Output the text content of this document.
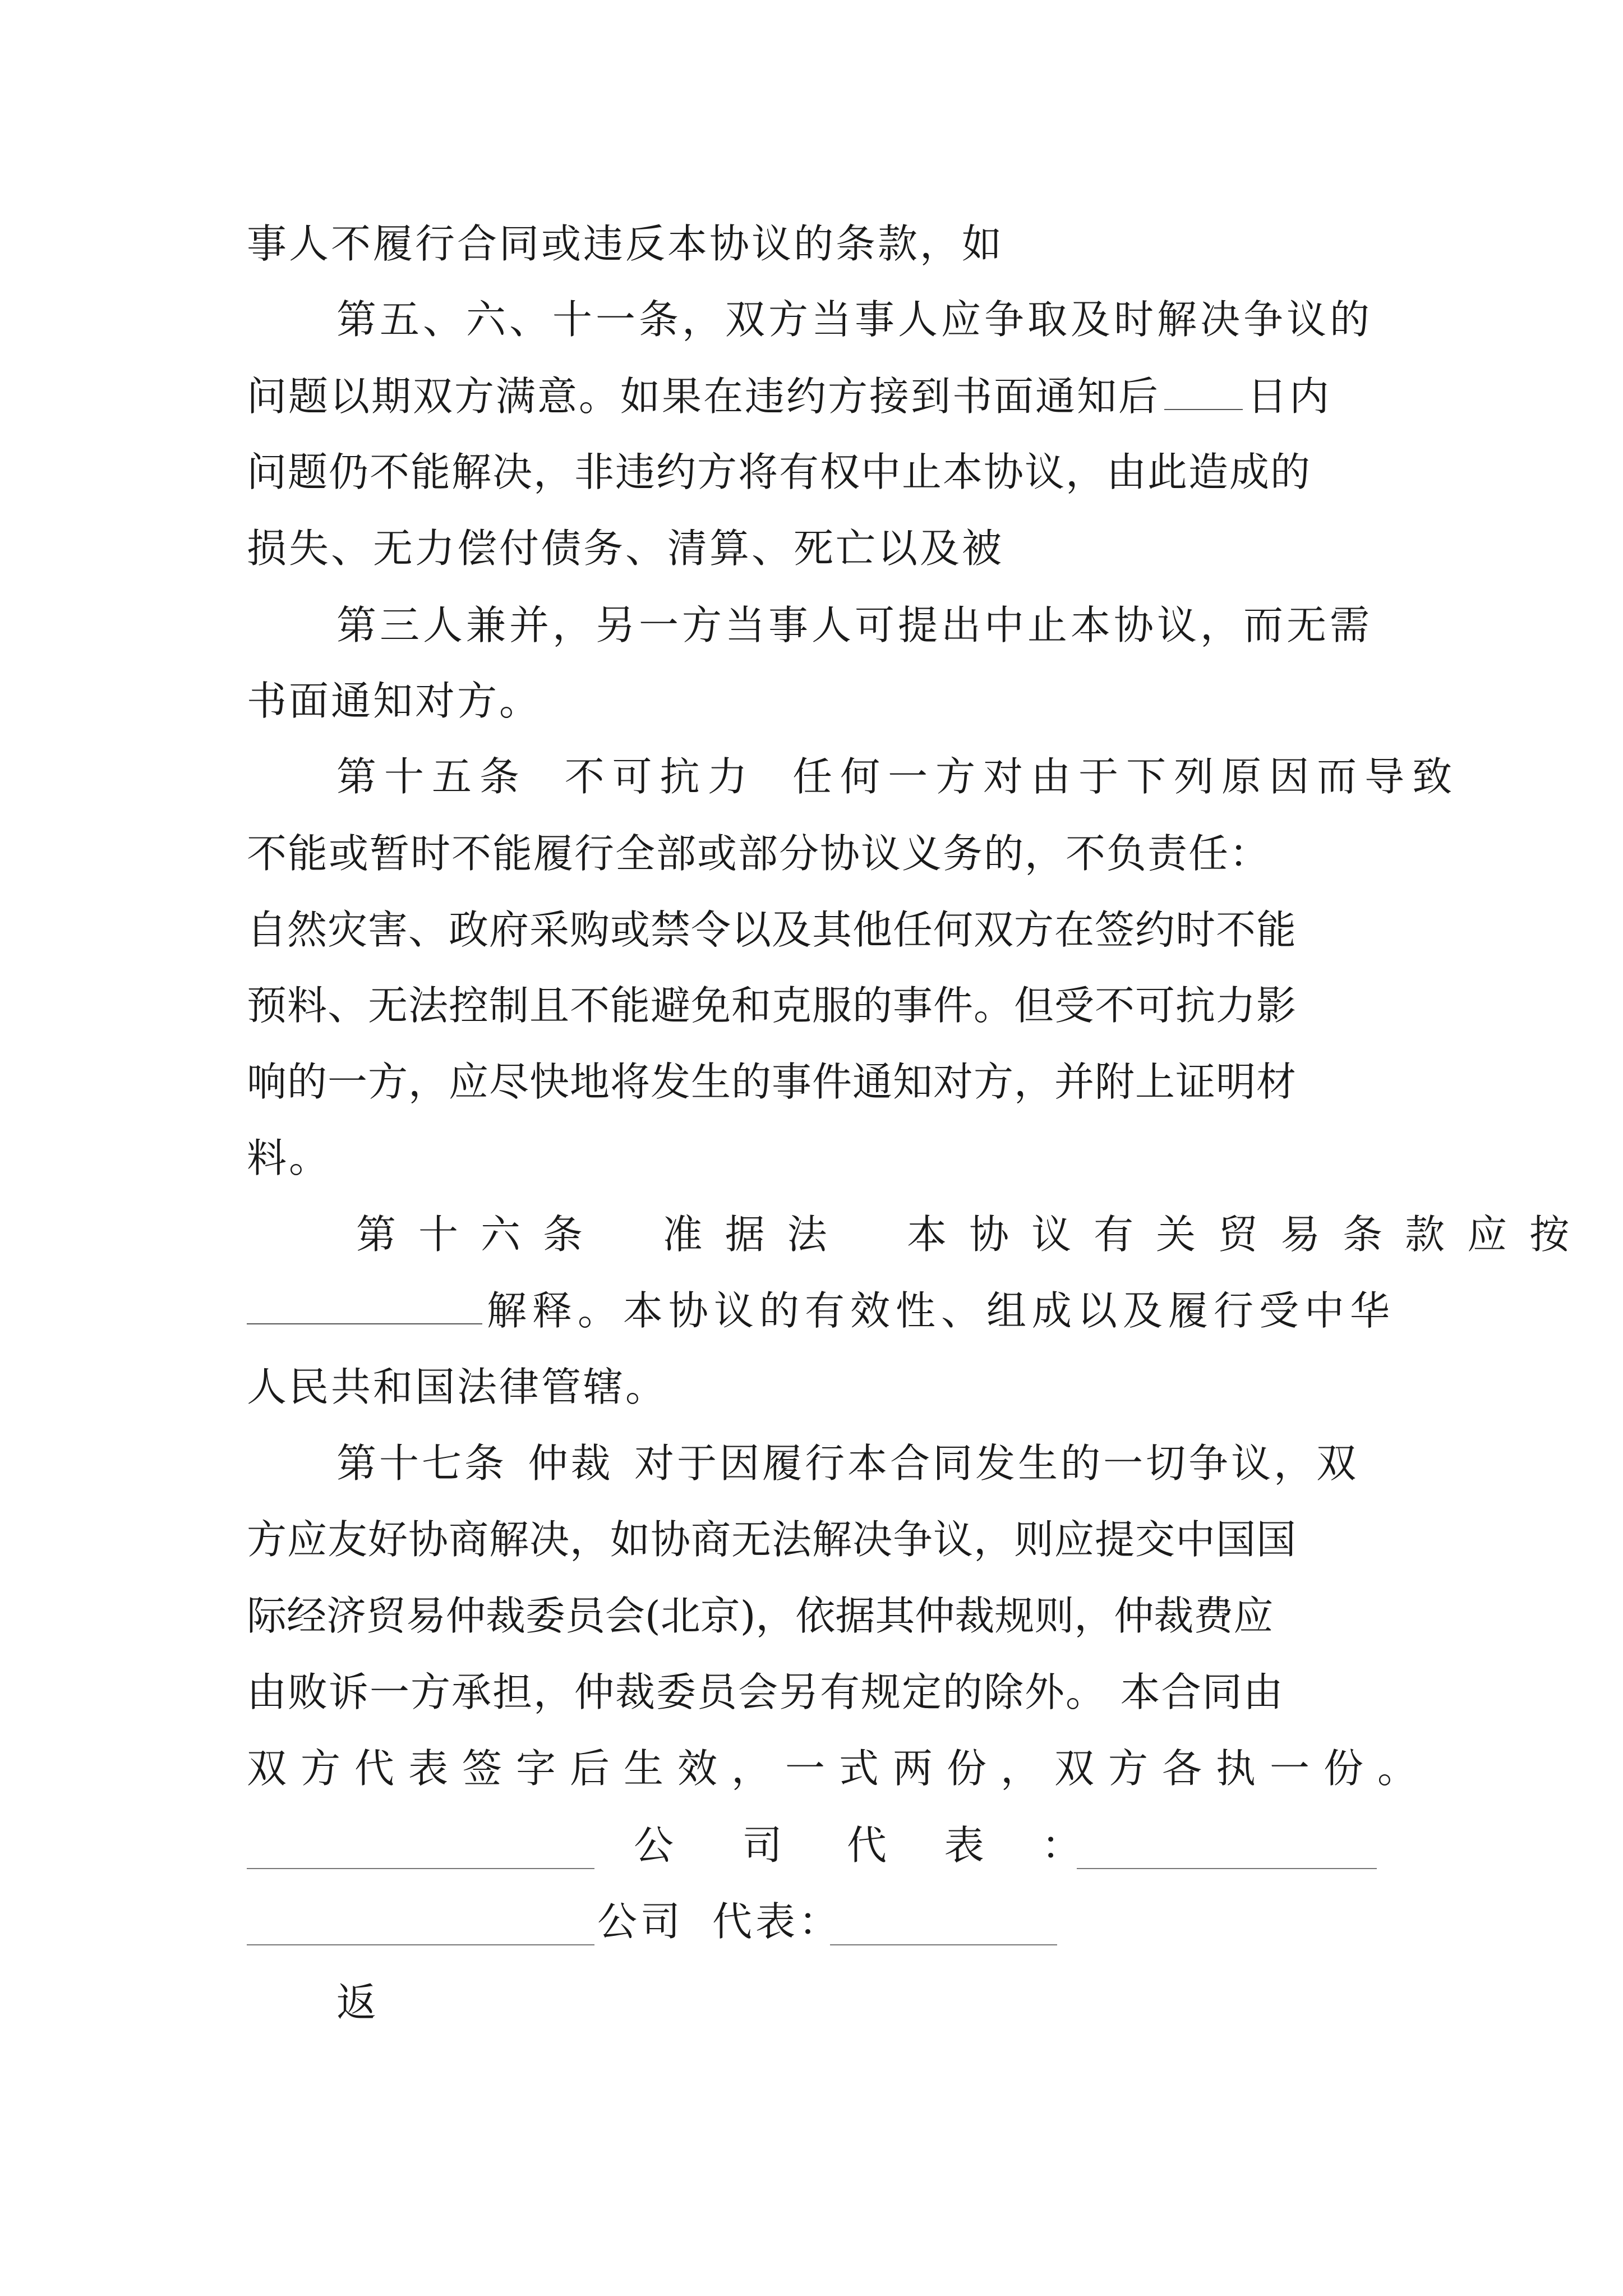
事人不履行合同或违反本协议的条款，如
第五、六、十一条，双方当事人应争取及时解决争议的
问题以期双方满意。如果在违约方接到书面通知后 日内
问题仍不能解决，非违约方将有权中止本协议，由此造成的
损失、无力偿付债务、清算、死亡以及被
第三人兼并，另一方当事人可提出中止本协议，而无需
书面通知对方。
第十五条 不可抗力 任何一方对由于下列原因而导致
不能或暂时不能履行全部或部分协议义务的，不负责任：
自然灾害、政府采购或禁令以及其他任何双方在签约时不能
预料、无法控制且不能避免和克服的事件。但受不可抗力影
响的一方，应尽快地将发生的事件通知对方，并附上证明材
料。
第十六条 准据法 本协议有关贸易条款应按
解释。本协议的有效性、组成以及履行受中华
人民共和国法律管辖。
第十七条 仲裁 对于因履行本合同发生的一切争议，双
方应友好协商解决，如协商无法解决争议，则应提交中国国
际经济贸易仲裁委员会(北京)，依据其仲裁规则，仲裁费应
由败诉一方承担，仲裁委员会另有规定的除外。 本合同由
双方代表签字后生效，一式两份，双方各执一份。
公 司 代 表 ：
公司 代表：
返
